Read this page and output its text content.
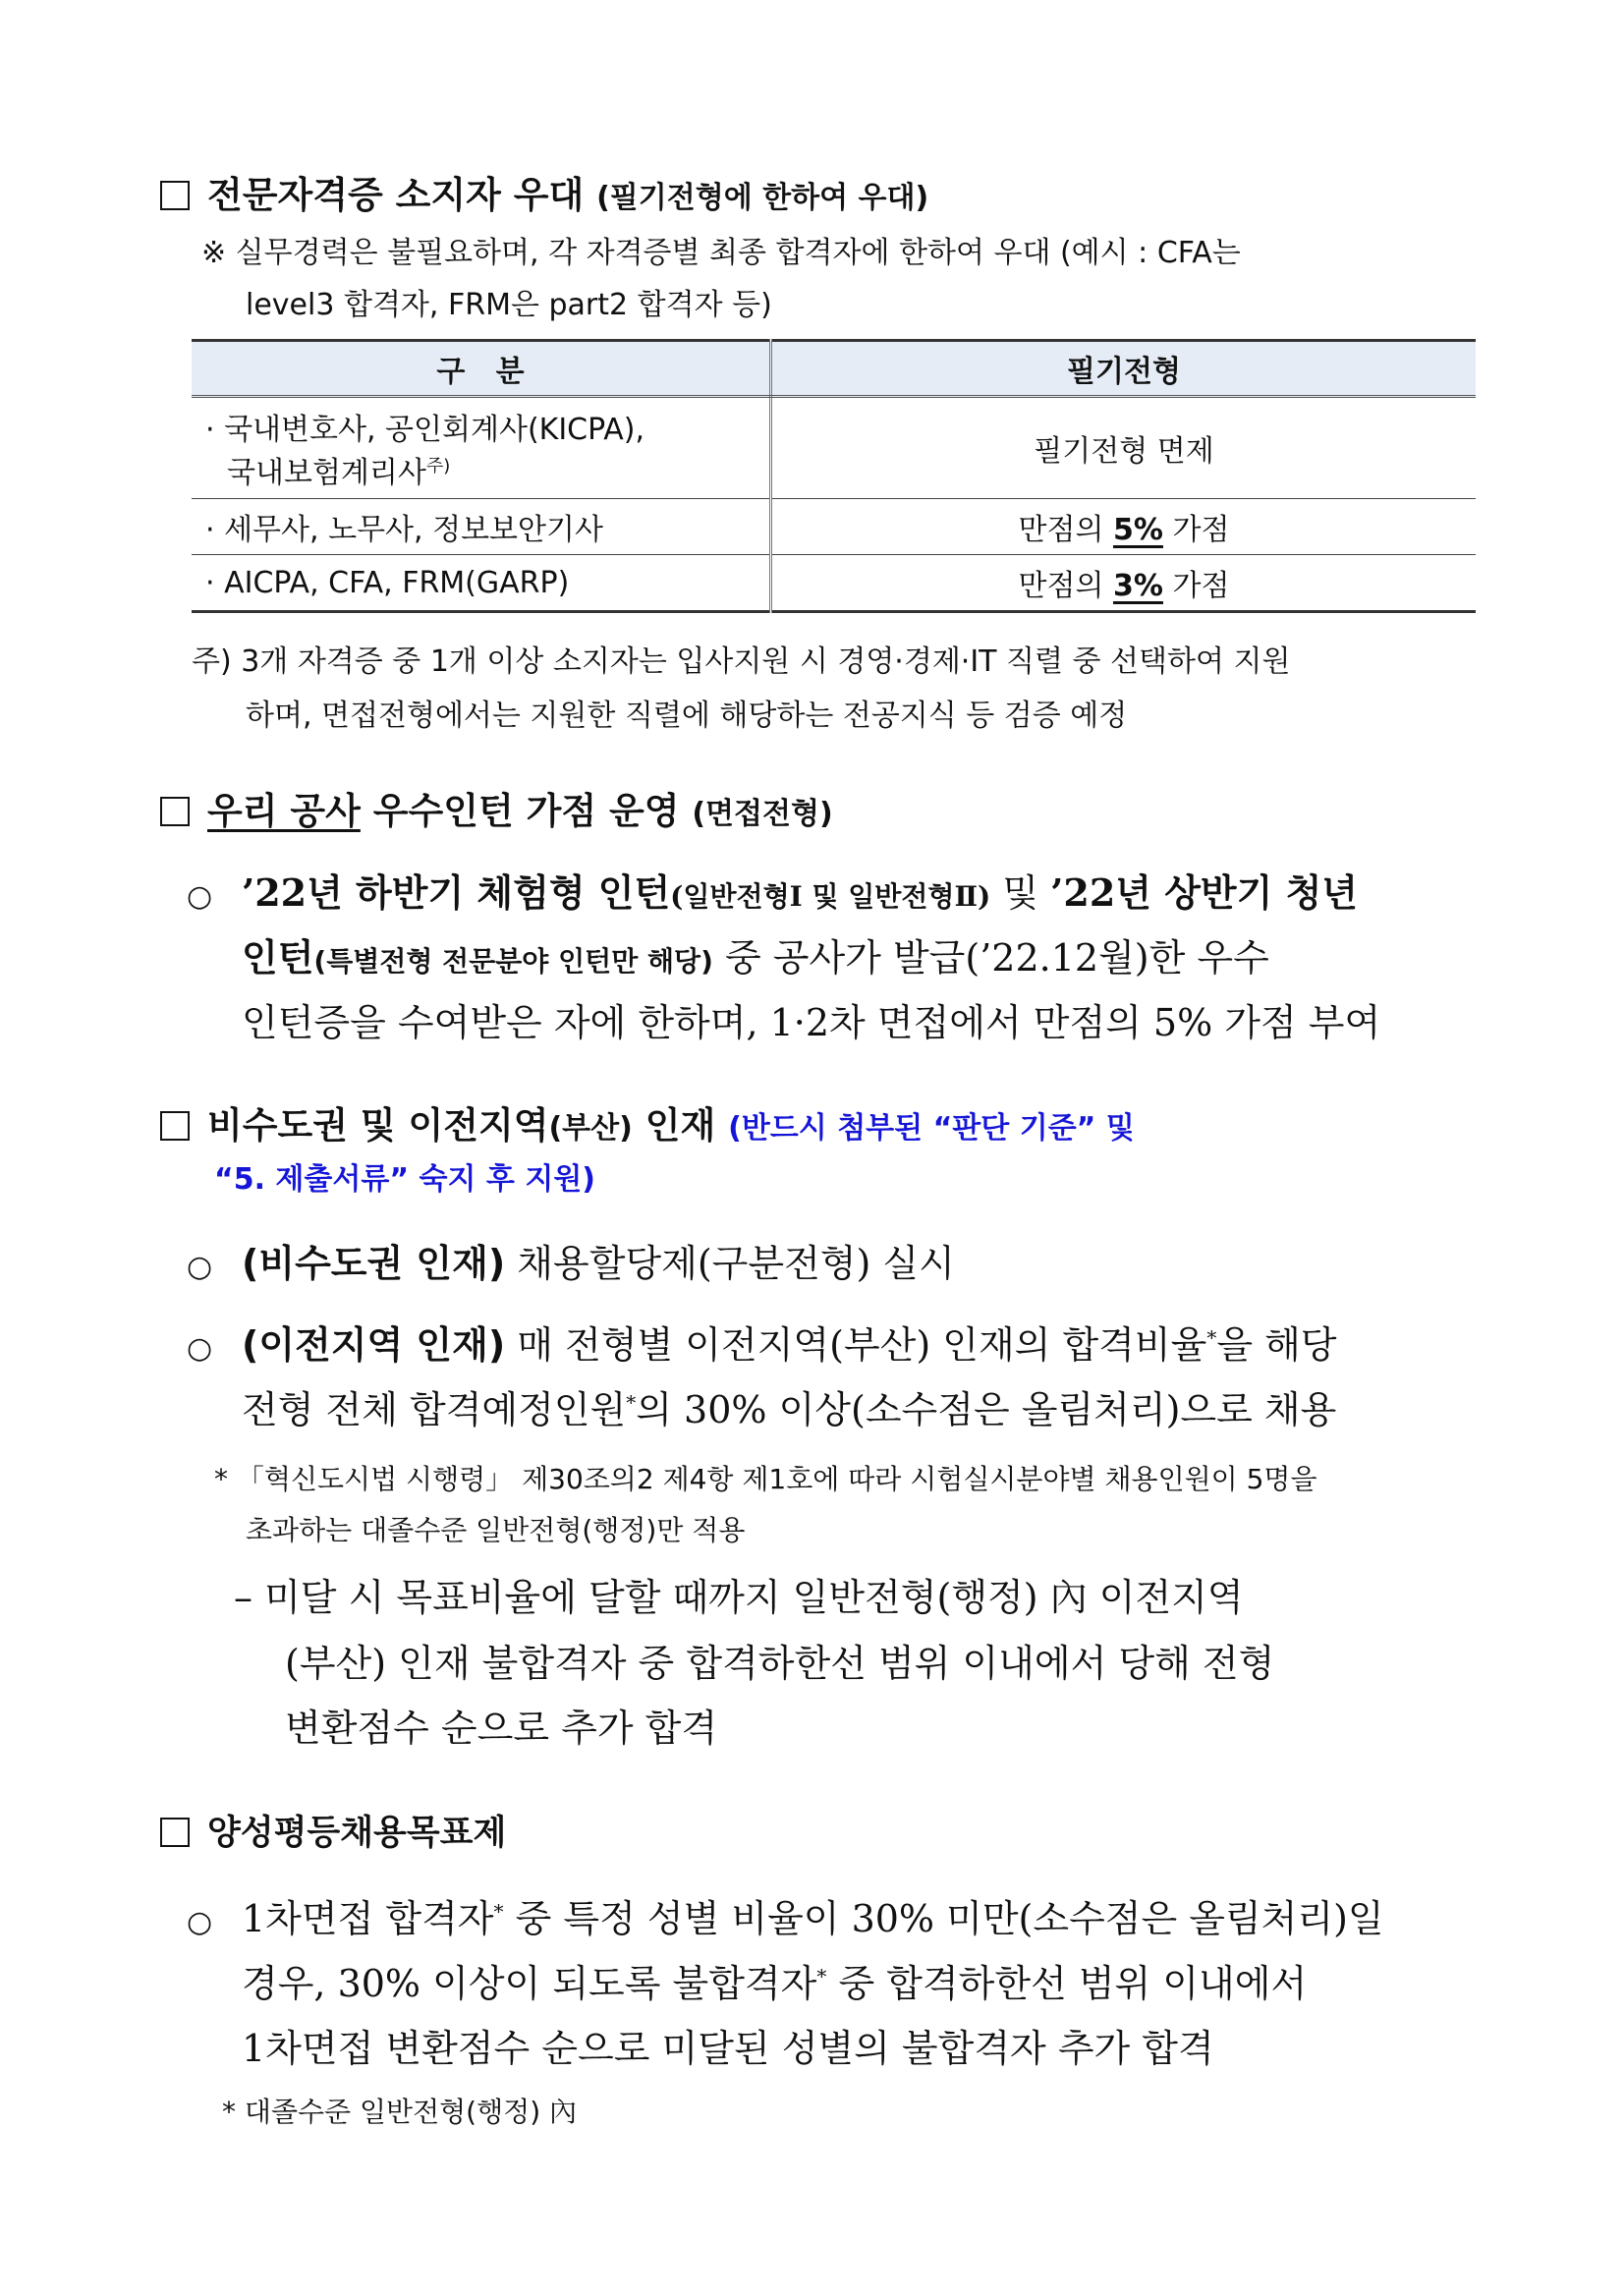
전문자격증 소지자 우대 (필기전형에 한하여 우대)
※ 실무경력은 불필요하며, 각 자격증별 최종 합격자에 한하여 우대 (예시 : CFA는
level3 합격자, FRM은 part2 합격자 등)
구   분	필기전형

· 국내변호사, 공인회계사(KICPA),
국내보험계리사$^{주)}$	필기전형 면제
· 세무사, 노무사, 정보보안기사	만점의 5% 가점
· AICPA, CFA, FRM(GARP)	만점의 3% 가점
주) 3개 자격증 중 1개 이상 소지자는 입사지원 시 경영·경제·IT 직렬 중 선택하여 지원
하며, 면접전형에서는 지원한 직렬에 해당하는 전공지식 등 검증 예정
우리 공사 우수인턴 가점 운영 (면접전형)
○ ’22년 하반기 체험형 인턴(일반전형Ⅰ 및 일반전형Ⅱ) 및 ’22년 상반기 청년
인턴(특별전형 전문분야 인턴만 해당) 중 공사가 발급(’22.12월)한 우수
인턴증을 수여받은 자에 한하며, 1·2차 면접에서 만점의 5% 가점 부여
비수도권 및 이전지역(부산) 인재 (반드시 첨부된 “판단 기준” 및
“5. 제출서류” 숙지 후 지원)
○ (비수도권 인재) 채용할당제(구분전형) 실시
○ (이전지역 인재) 매 전형별 이전지역(부산) 인재의 합격비율*을 해당
전형 전체 합격예정인원*의 30% 이상(소수점은 올림처리)으로 채용
* 「혁신도시법 시행령」 제30조의2 제4항 제1호에 따라 시험실시분야별 채용인원이 5명을
초과하는 대졸수준 일반전형(행정)만 적용
– 미달 시 목표비율에 달할 때까지 일반전형(행정) 內 이전지역
(부산) 인재 불합격자 중 합격하한선 범위 이내에서 당해 전형
변환점수 순으로 추가 합격
양성평등채용목표제
○ 1차면접 합격자* 중 특정 성별 비율이 30% 미만(소수점은 올림처리)일
경우, 30% 이상이 되도록 불합격자* 중 합격하한선 범위 이내에서
1차면접 변환점수 순으로 미달된 성별의 불합격자 추가 합격
* 대졸수준 일반전형(행정) 內
